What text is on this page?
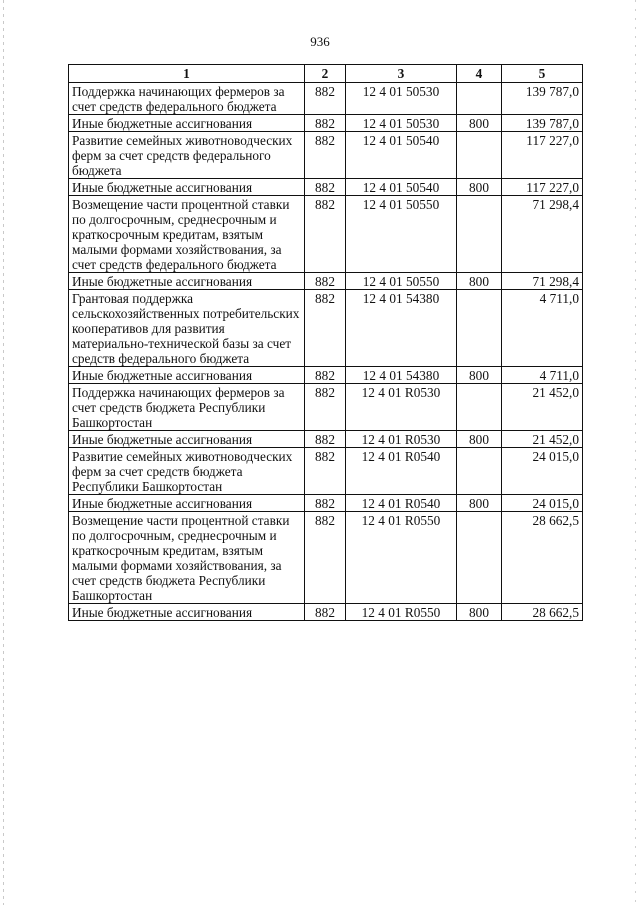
936
1	2	3	4	5
Поддержка начинающих фермеров за счет средств федерального бюджета	882	12 4 01 50530		139 787,0
Иные бюджетные ассигнования	882	12 4 01 50530	800	139 787,0
Развитие семейных животноводческих ферм за счет средств федерального бюджета	882	12 4 01 50540		117 227,0
Иные бюджетные ассигнования	882	12 4 01 50540	800	117 227,0
Возмещение части процентной ставки по долгосрочным, среднесрочным и краткосрочным кредитам, взятым малыми формами хозяйствования, за счет средств федерального бюджета	882	12 4 01 50550		71 298,4
Иные бюджетные ассигнования	882	12 4 01 50550	800	71 298,4
Грантовая поддержка сельскохозяйственных потребительских кооперативов для развития материально-технической базы за счет средств федерального бюджета	882	12 4 01 54380		4 711,0
Иные бюджетные ассигнования	882	12 4 01 54380	800	4 711,0
Поддержка начинающих фермеров за счет средств бюджета Республики Башкортостан	882	12 4 01 R0530		21 452,0
Иные бюджетные ассигнования	882	12 4 01 R0530	800	21 452,0
Развитие семейных животноводческих ферм за счет средств бюджета Республики Башкортостан	882	12 4 01 R0540		24 015,0
Иные бюджетные ассигнования	882	12 4 01 R0540	800	24 015,0
Возмещение части процентной ставки по долгосрочным, среднесрочным и краткосрочным кредитам, взятым малыми формами хозяйствования, за счет средств бюджета Республики Башкортостан	882	12 4 01 R0550		28 662,5
Иные бюджетные ассигнования	882	12 4 01 R0550	800	28 662,5
